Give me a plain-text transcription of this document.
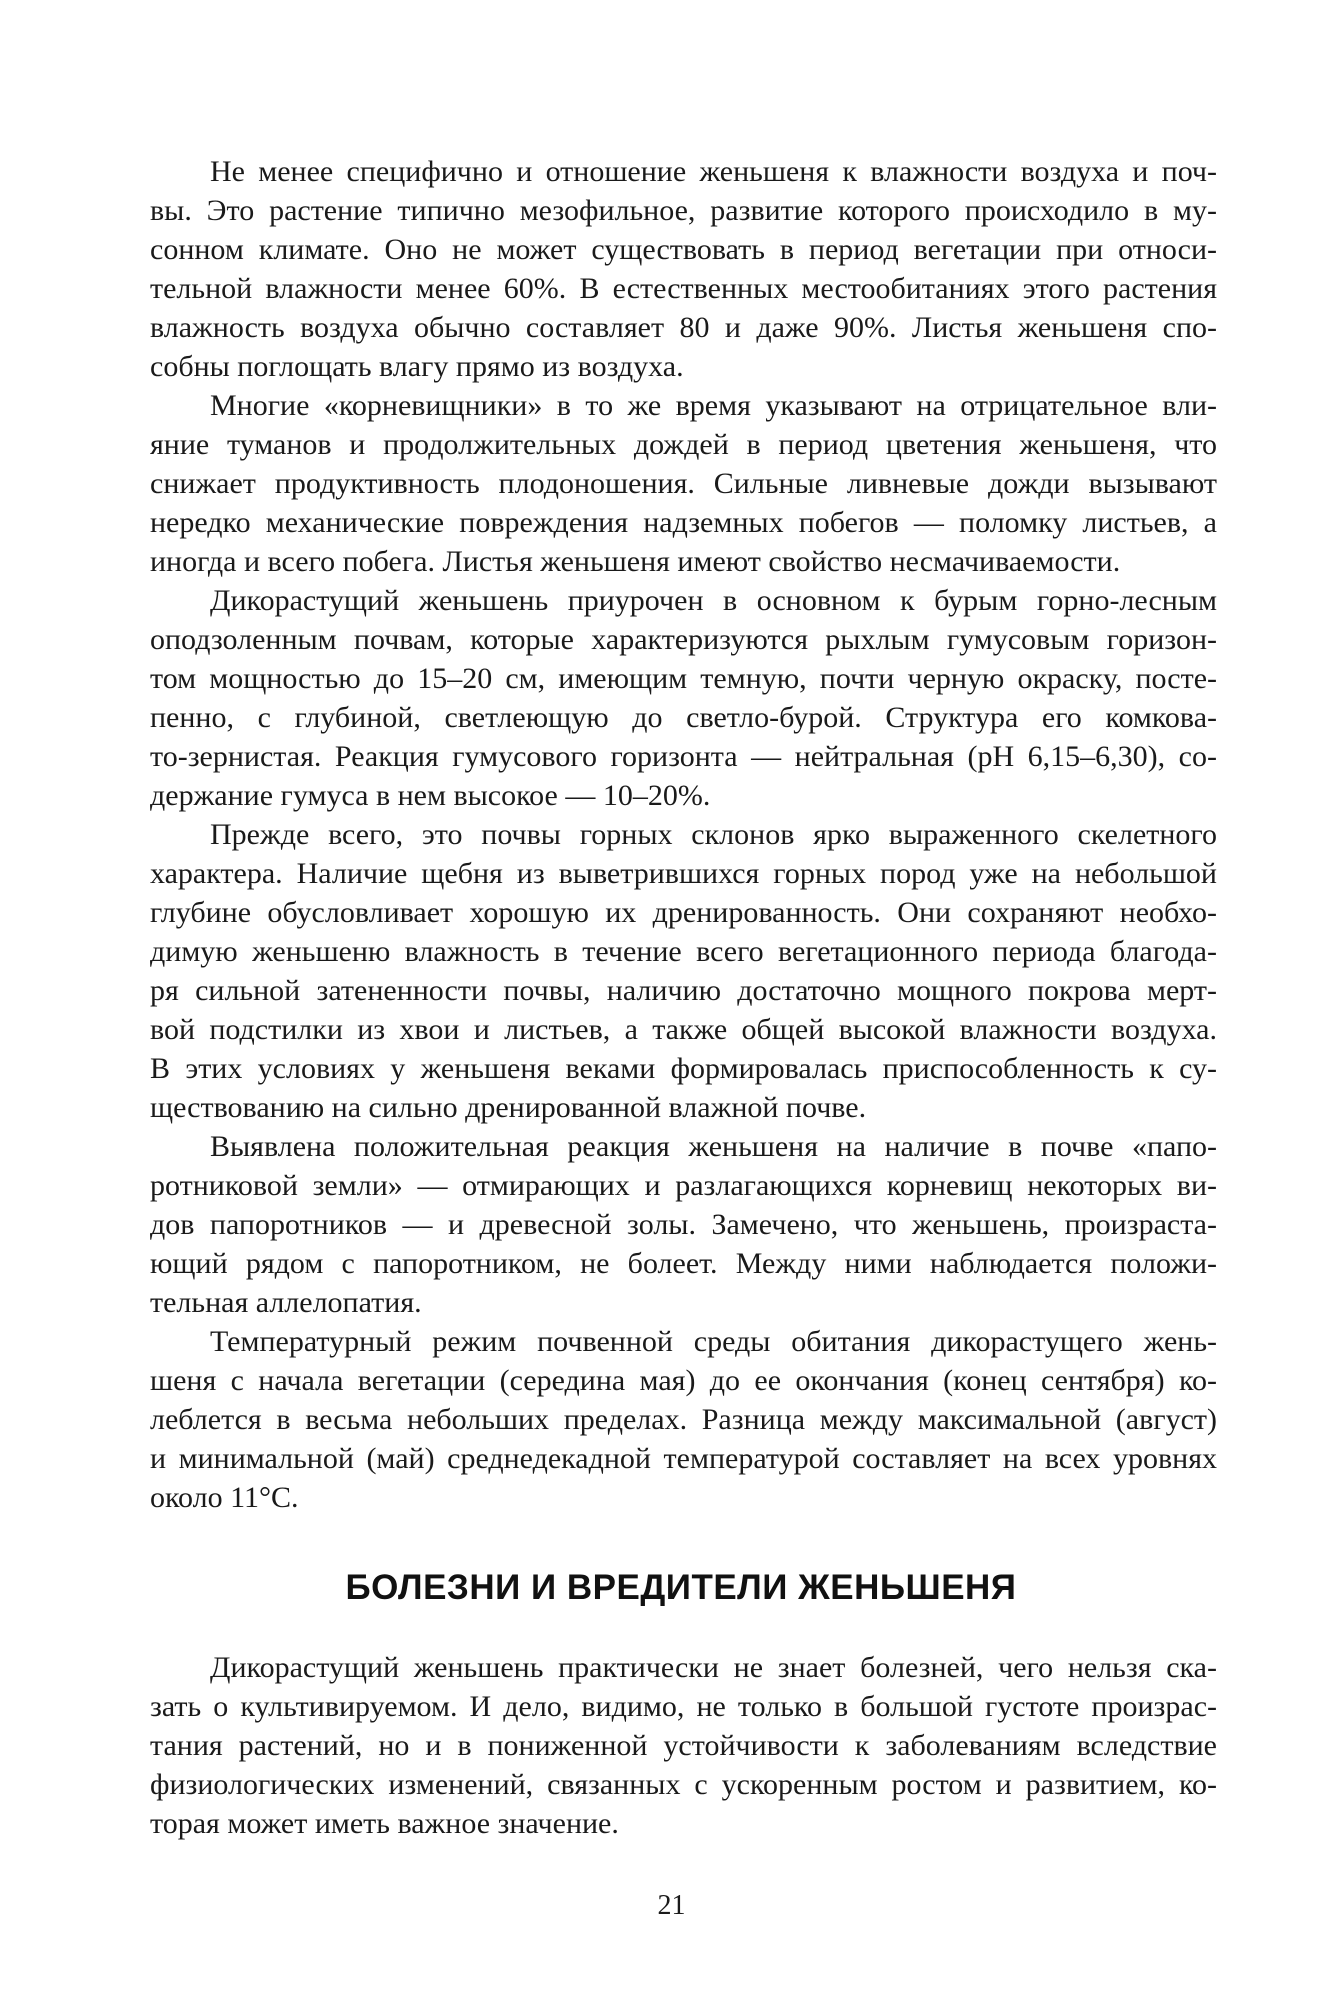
Не менее специфично и отношение женьшеня к влажности воздуха и поч-
вы. Это растение типично мезофильное, развитие которого происходило в му-
сонном климате. Оно не может существовать в период вегетации при относи-
тельной влажности менее 60%. В естественных местообитаниях этого растения
влажность воздуха обычно составляет 80 и даже 90%. Листья женьшеня спо-
собны поглощать влагу прямо из воздуха.

Многие «корневищники» в то же время указывают на отрицательное вли-
яние туманов и продолжительных дождей в период цветения женьшеня, что
снижает продуктивность плодоношения. Сильные ливневые дожди вызывают
нередко механические повреждения надземных побегов — поломку листьев, а
иногда и всего побега. Листья женьшеня имеют свойство несмачиваемости.

Дикорастущий женьшень приурочен в основном к бурым горно-лесным
оподзоленным почвам, которые характеризуются рыхлым гумусовым горизон-
том мощностью до 15–20 см, имеющим темную, почти черную окраску, посте-
пенно, с глубиной, светлеющую до светло-бурой. Структура его комкова-
то-зернистая. Реакция гумусового горизонта — нейтральная (рН 6,15–6,30), со-
держание гумуса в нем высокое — 10–20%.

Прежде всего, это почвы горных склонов ярко выраженного скелетного
характера. Наличие щебня из выветрившихся горных пород уже на небольшой
глубине обусловливает хорошую их дренированность. Они сохраняют необхо-
димую женьшеню влажность в течение всего вегетационного периода благода-
ря сильной затененности почвы, наличию достаточно мощного покрова мерт-
вой подстилки из хвои и листьев, а также общей высокой влажности воздуха.
В этих условиях у женьшеня веками формировалась приспособленность к су-
ществованию на сильно дренированной влажной почве.

Выявлена положительная реакция женьшеня на наличие в почве «папо-
ротниковой земли» — отмирающих и разлагающихся корневищ некоторых ви-
дов папоротников — и древесной золы. Замечено, что женьшень, произраста-
ющий рядом с папоротником, не болеет. Между ними наблюдается положи-
тельная аллелопатия.

Температурный режим почвенной среды обитания дикорастущего жень-
шеня с начала вегетации (середина мая) до ее окончания (конец сентября) ко-
леблется в весьма небольших пределах. Разница между максимальной (август)
и минимальной (май) среднедекадной температурой составляет на всех уровнях
около 11°С.

БОЛЕЗНИ И ВРЕДИТЕЛИ ЖЕНЬШЕНЯ

Дикорастущий женьшень практически не знает болезней, чего нельзя ска-
зать о культивируемом. И дело, видимо, не только в большой густоте произрас-
тания растений, но и в пониженной устойчивости к заболеваниям вследствие
физиологических изменений, связанных с ускоренным ростом и развитием, ко-
торая может иметь важное значение.

21
